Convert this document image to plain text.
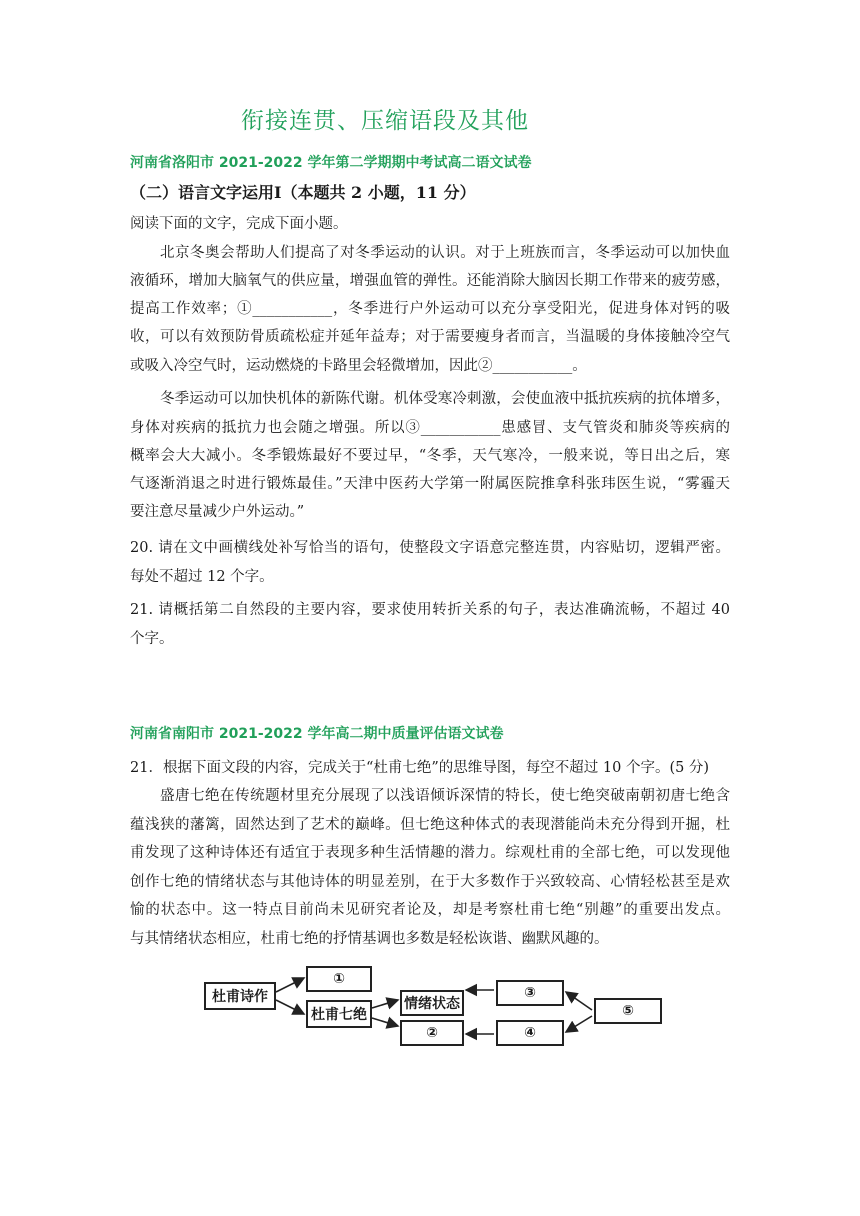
衔接连贯、压缩语段及其他
河南省洛阳市 2021-2022 学年第二学期期中考试高二语文试卷
（二）语言文字运用Ⅰ（本题共 2 小题，11 分）
阅读下面的文字，完成下面小题。
北京冬奥会帮助人们提高了对冬季运动的认识。对于上班族而言，冬季运动可以加快血
液循环，增加大脑氧气的供应量，增强血管的弹性。还能消除大脑因长期工作带来的疲劳感，
提高工作效率；①___________，冬季进行户外运动可以充分享受阳光，促进身体对钙的吸
收，可以有效预防骨质疏松症并延年益寿；对于需要瘦身者而言，当温暖的身体接触冷空气
或吸入冷空气时，运动燃烧的卡路里会轻微增加，因此②___________。
冬季运动可以加快机体的新陈代谢。机体受寒冷刺激，会使血液中抵抗疾病的抗体增多，
身体对疾病的抵抗力也会随之增强。所以③___________患感冒、支气管炎和肺炎等疾病的
概率会大大减小。冬季锻炼最好不要过早，“冬季，天气寒冷，一般来说，等日出之后，寒
气逐渐消退之时进行锻炼最佳。”天津中医药大学第一附属医院推拿科张玮医生说，“雾霾天
要注意尽量减少户外运动。”
20. 请在文中画横线处补写恰当的语句，使整段文字语意完整连贯，内容贴切，逻辑严密。
每处不超过 12 个字。
21. 请概括第二自然段的主要内容，要求使用转折关系的句子，表达准确流畅，不超过 40
个字。
河南省南阳市 2021-2022 学年高二期中质量评估语文试卷
21．根据下面文段的内容，完成关于“杜甫七绝”的思维导图，每空不超过 10 个字。(5 分)
盛唐七绝在传统题材里充分展现了以浅语倾诉深情的特长，使七绝突破南朝初唐七绝含
蕴浅狭的藩篱，固然达到了艺术的巅峰。但七绝这种体式的表现潜能尚未充分得到开掘，杜
甫发现了这种诗体还有适宜于表现多种生活情趣的潜力。综观杜甫的全部七绝，可以发现他
创作七绝的情绪状态与其他诗体的明显差别，在于大多数作于兴致较高、心情轻松甚至是欢
愉的状态中。这一特点目前尚未见研究者论及，却是考察杜甫七绝“别趣”的重要出发点。
与其情绪状态相应，杜甫七绝的抒情基调也多数是轻松诙谐、幽默风趣的。
杜甫诗作
①
杜甫七绝
情绪状态
②
③
④
⑤
